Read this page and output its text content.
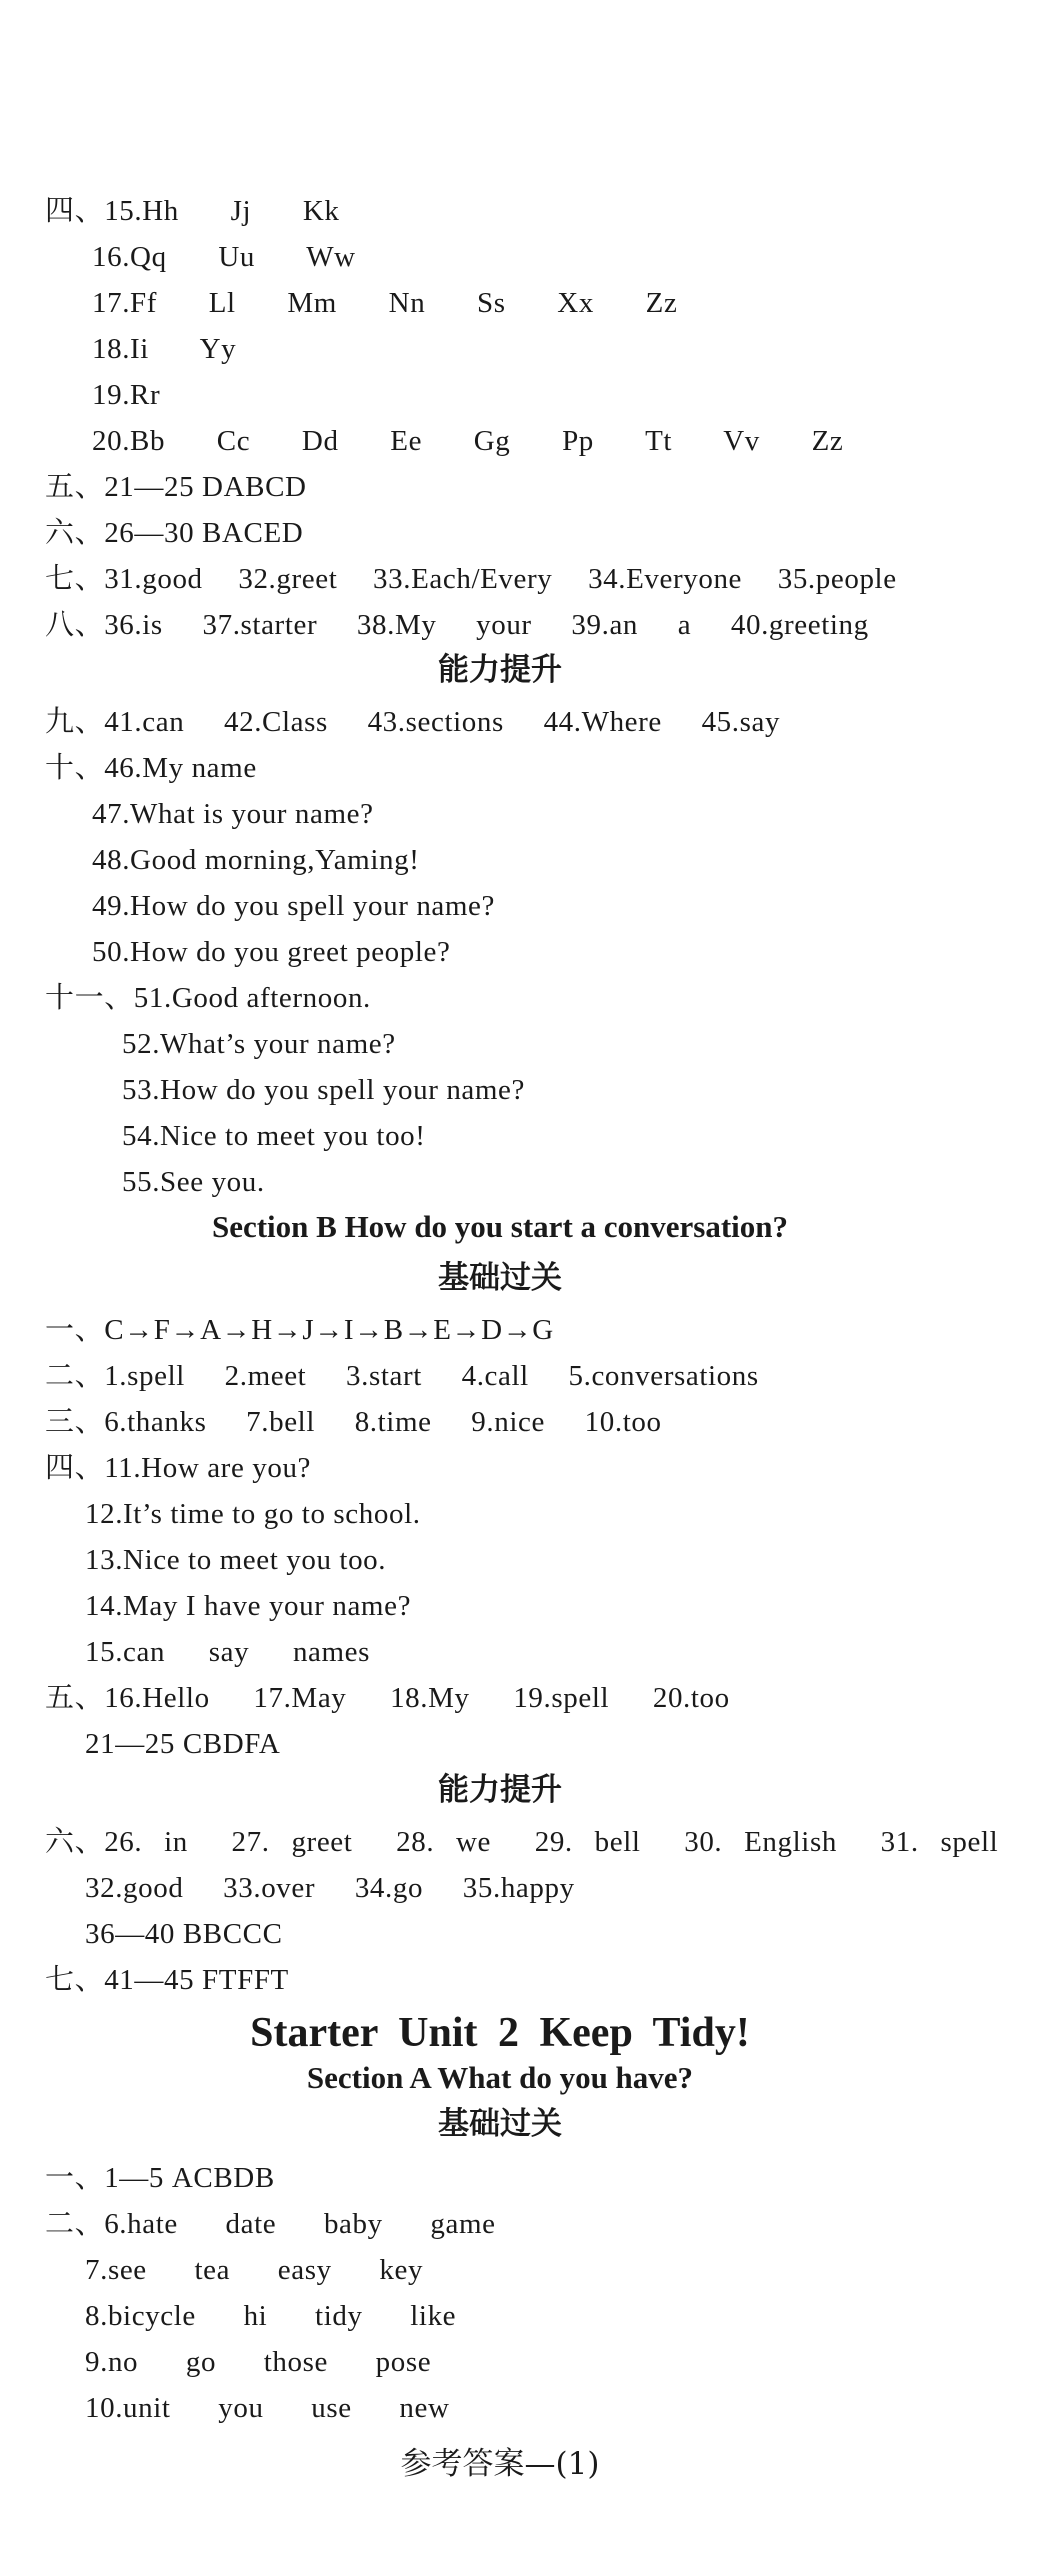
四、15.Hh  Jj  Kk
16.Qq  Uu  Ww
17.Ff  Ll  Mm  Nn  Ss  Xx  Zz
18.Ii  Yy
19.Rr
20.Bb  Cc  Dd  Ee  Gg  Pp  Tt  Vv  Zz
五、21—25 DABCD
六、26—30 BACED
七、31.good  32.greet  33.Each/Every  34.Everyone  35.people
八、36.is  37.starter  38.My  your  39.an  a  40.greeting
能力提升
九、41.can  42.Class  43.sections  44.Where  45.say
十、46.My name
47.What is your name?
48.Good morning,Yaming!
49.How do you spell your name?
50.How do you greet people?
十一、51.Good afternoon.
52.What’s your name?
53.How do you spell your name?
54.Nice to meet you too!
55.See you.
Section B How do you start a conversation?
基础过关
一、C→F→A→H→J→I→B→E→D→G
二、1.spell  2.meet  3.start  4.call  5.conversations
三、6.thanks  7.bell  8.time  9.nice  10.too
四、11.How are you?
12.It’s time to go to school.
13.Nice to meet you too.
14.May I have your name?
15.can  say  names
五、16.Hello  17.May  18.My  19.spell  20.too
21—25 CBDFA
能力提升
六、26. in  27. greet  28. we  29. bell  30. English  31. spell
32.good  33.over  34.go  35.happy
36—40 BBCCC
七、41—45 FTFFT
Starter Unit 2 Keep Tidy!
Section A What do you have?
基础过关
一、1—5 ACBDB
二、6.hate  date  baby  game
7.see  tea  easy  key
8.bicycle  hi  tidy  like
9.no  go  those  pose
10.unit  you  use  new
参考答案—(1)
